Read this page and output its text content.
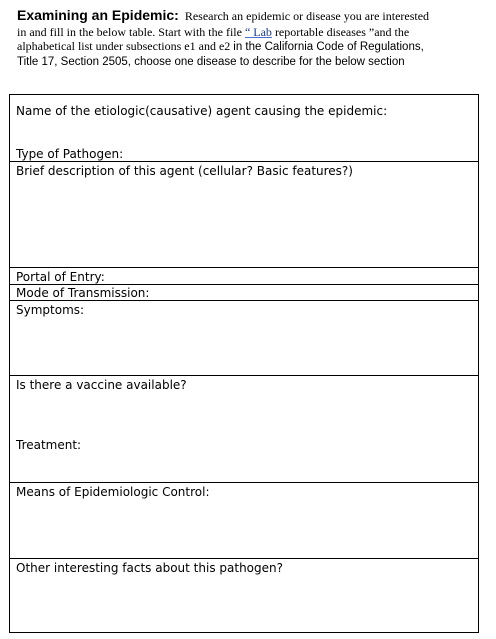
Examining an Epidemic: Research an epidemic or disease you are interested
in and fill in the below table. Start with the file “ Lab reportable diseases ”and the
alphabetical list under subsections e1 and e2 in the California Code of Regulations,
Title 17, Section 2505, choose one disease to describe for the below section
Name of the etiologic(causative) agent causing the epidemic:
Type of Pathogen:
Brief description of this agent (cellular? Basic features?)
Portal of Entry:
Mode of Transmission:
Symptoms:
Is there a vaccine available?
Treatment:
Means of Epidemiologic Control:
Other interesting facts about this pathogen?
